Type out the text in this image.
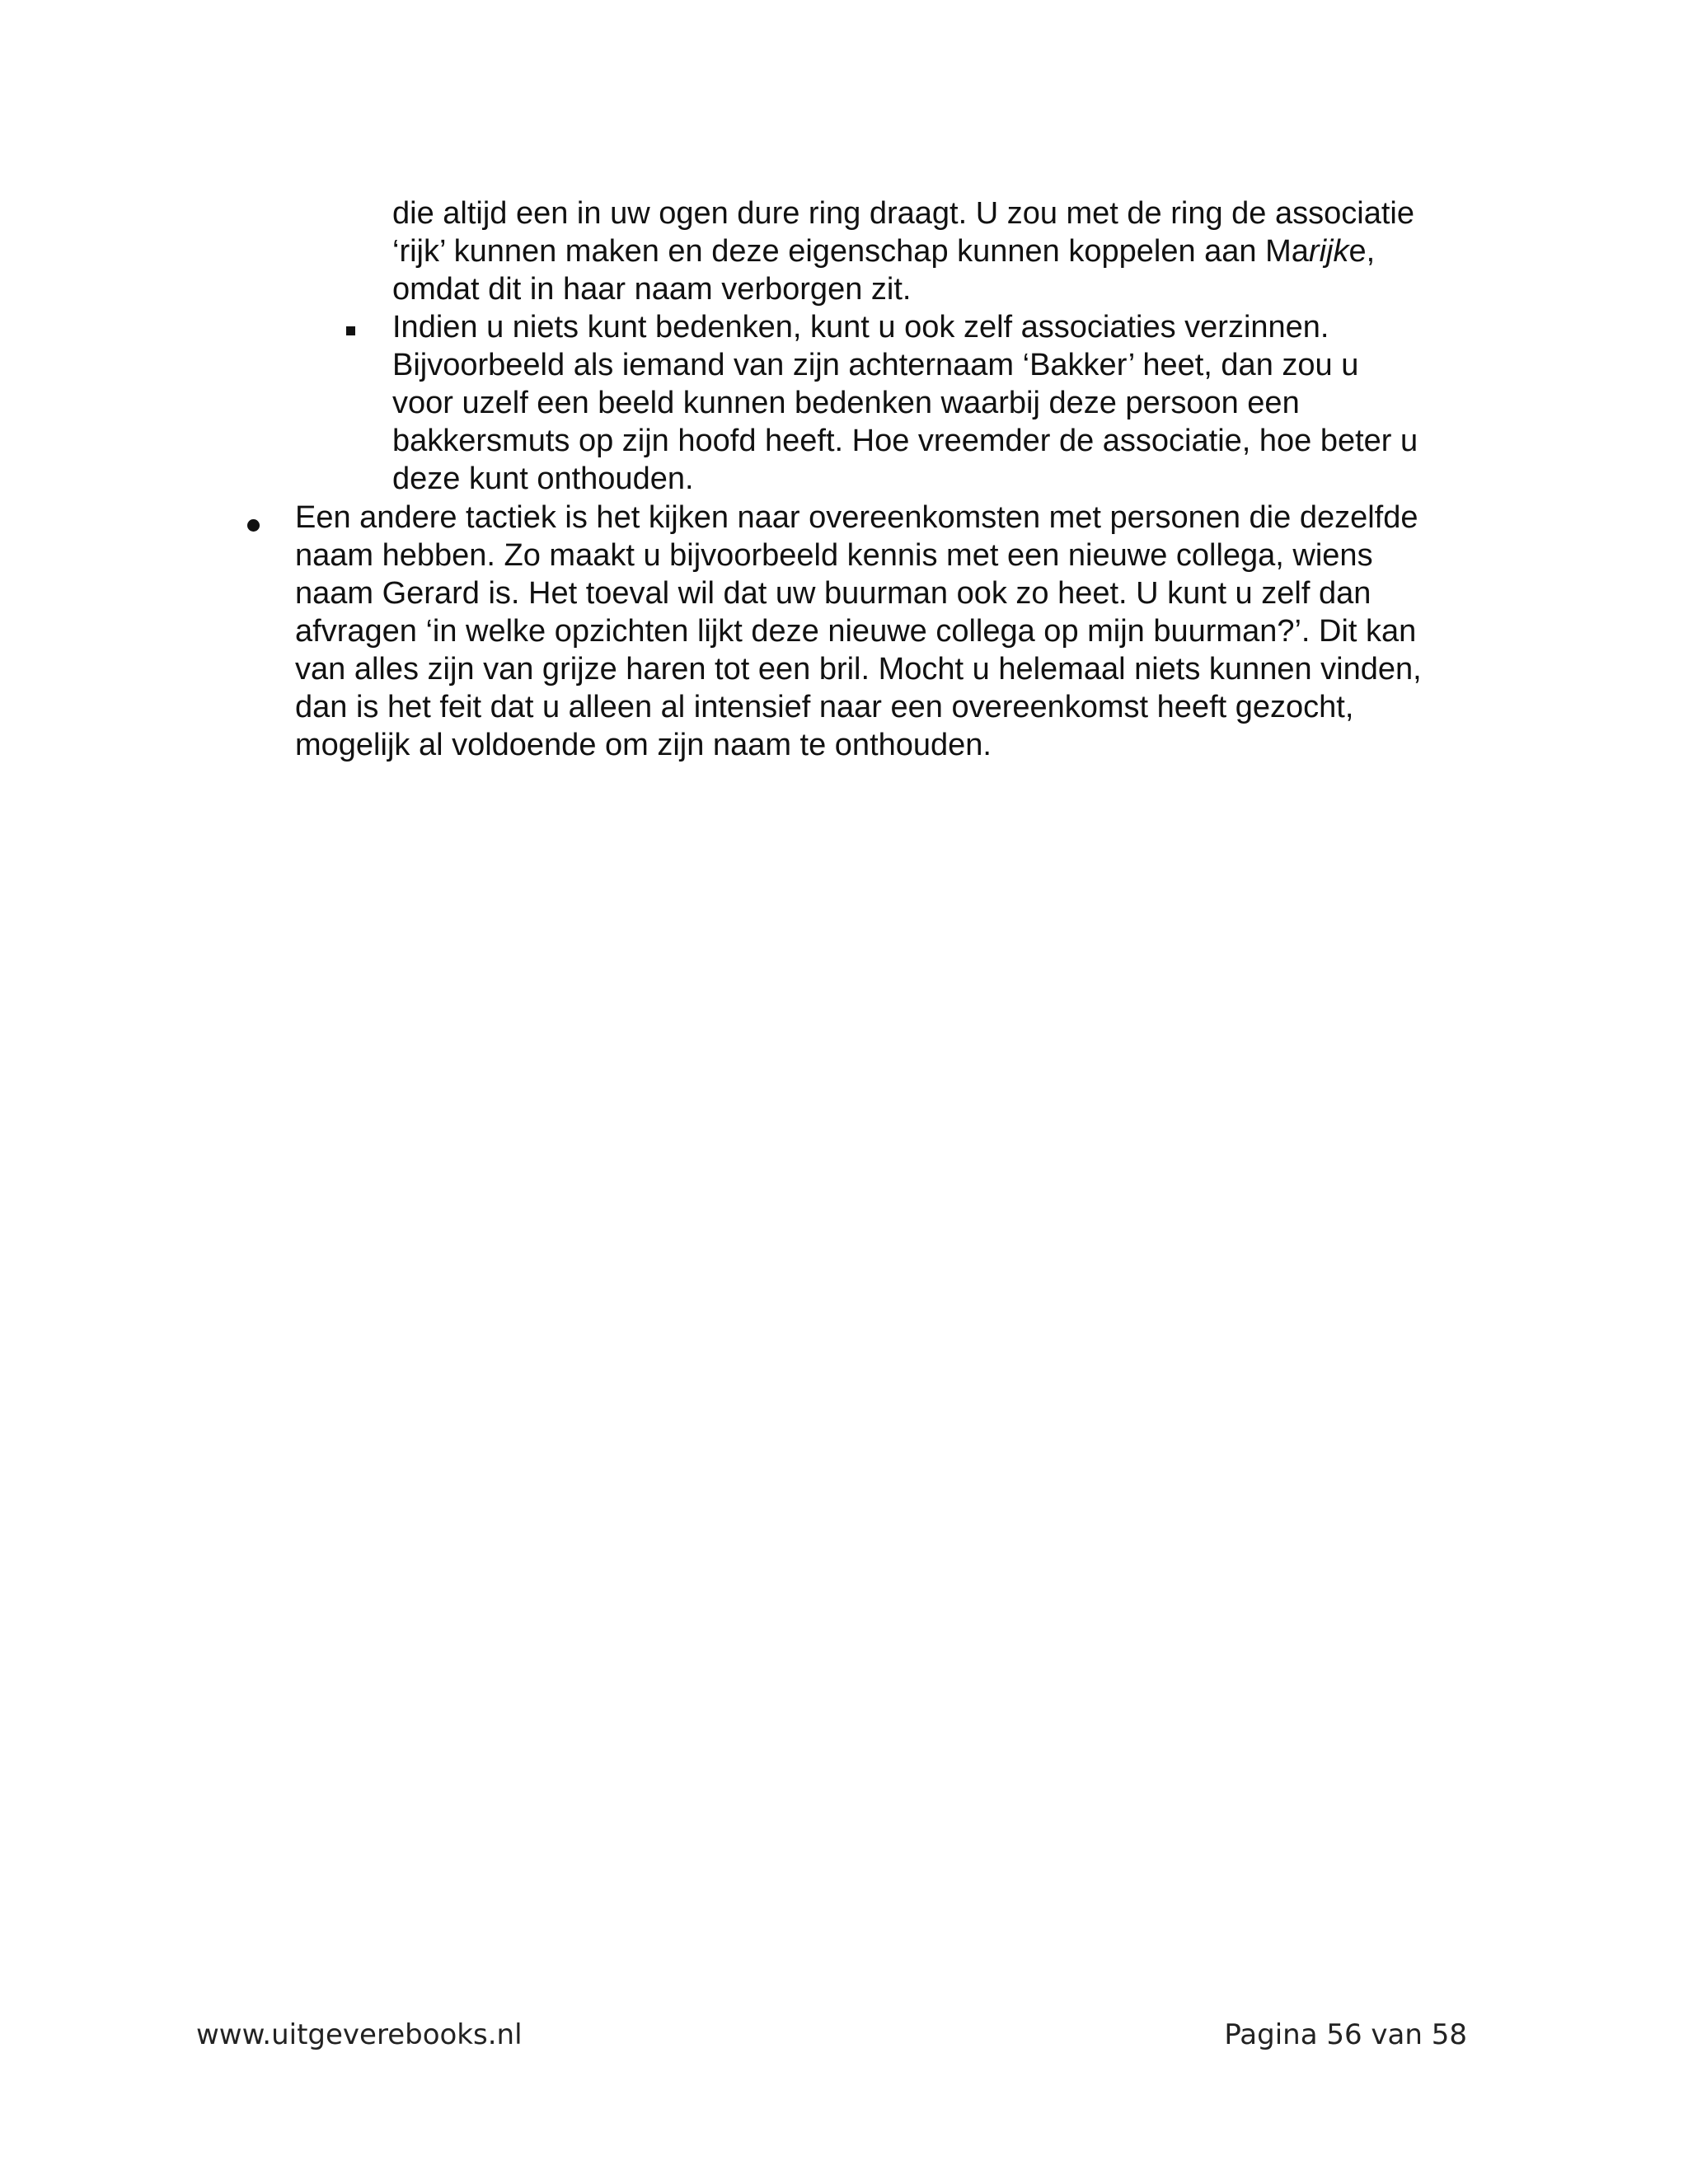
die altijd een in uw ogen dure ring draagt. U zou met de ring de associatie
‘rijk’ kunnen maken en deze eigenschap kunnen koppelen aan Marijke,
omdat dit in haar naam verborgen zit.
Indien u niets kunt bedenken, kunt u ook zelf associaties verzinnen.
Bijvoorbeeld als iemand van zijn achternaam ‘Bakker’ heet, dan zou u
voor uzelf een beeld kunnen bedenken waarbij deze persoon een
bakkersmuts op zijn hoofd heeft. Hoe vreemder de associatie, hoe beter u
deze kunt onthouden.
Een andere tactiek is het kijken naar overeenkomsten met personen die dezelfde
naam hebben. Zo maakt u bijvoorbeeld kennis met een nieuwe collega, wiens
naam Gerard is. Het toeval wil dat uw buurman ook zo heet. U kunt u zelf dan
afvragen ‘in welke opzichten lijkt deze nieuwe collega op mijn buurman?’. Dit kan
van alles zijn van grijze haren tot een bril. Mocht u helemaal niets kunnen vinden,
dan is het feit dat u alleen al intensief naar een overeenkomst heeft gezocht,
mogelijk al voldoende om zijn naam te onthouden.
www.uitgeverebooks.nl	Pagina 56 van 58
